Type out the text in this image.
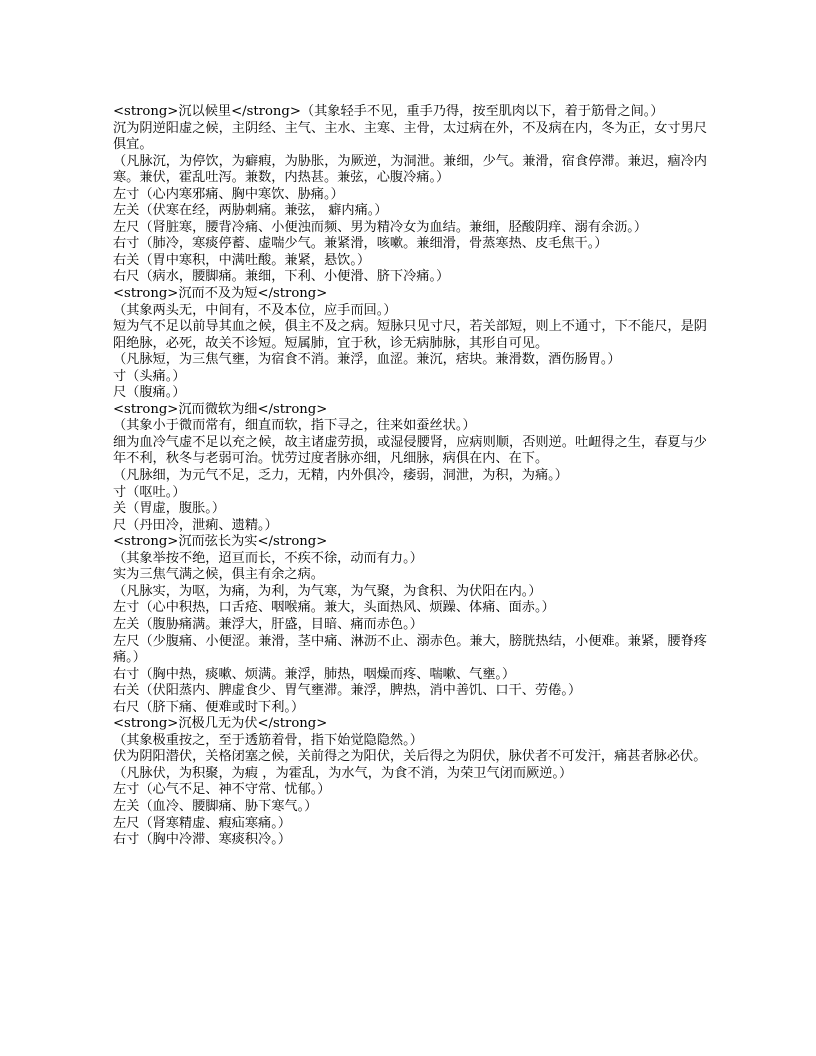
<strong>沉以候里</strong>（其象轻手不见，重手乃得，按至肌肉以下，着于筋骨之间。）
沉为阴逆阳虚之候，主阴经、主气、主水、主寒、主骨，太过病在外，不及病在内，冬为正，女寸男尺俱宜。
（凡脉沉，为停饮，为癖瘕，为胁胀，为厥逆，为洞泄。兼细，少气。兼滑，宿食停滞。兼迟，痼冷内寒。兼伏，霍乱吐泻。兼数，内热甚。兼弦，心腹冷痛。）
左寸（心内寒邪痛、胸中寒饮、胁痛。）
左关（伏寒在经，两胁刺痛。兼弦， 癖内痛。）
左尺（肾脏寒，腰背冷痛、小便浊而频、男为精冷女为血结。兼细，胫酸阴痒、溺有余沥。）
右寸（肺冷，寒痰停蓄、虚喘少气。兼紧滑，咳嗽。兼细滑，骨蒸寒热、皮毛焦干。）
右关（胃中寒积，中满吐酸。兼紧，悬饮。）
右尺（病水，腰脚痛。兼细，下利、小便滑、脐下冷痛。）
<strong>沉而不及为短</strong>
（其象两头无，中间有，不及本位，应手而回。）
短为气不足以前导其血之候，俱主不及之病。短脉只见寸尺，若关部短，则上不通寸，下不能尺，是阴阳绝脉，必死，故关不诊短。短属肺，宜于秋，诊无病肺脉，其形自可见。
（凡脉短，为三焦气壅，为宿食不消。兼浮，血涩。兼沉，痞块。兼滑数，酒伤肠胃。）
寸（头痛。）
尺（腹痛。）
<strong>沉而微软为细</strong>
（其象小于微而常有，细直而软，指下寻之，往来如蚕丝状。）
细为血冷气虚不足以充之候，故主诸虚劳损，或湿侵腰肾，应病则顺，否则逆。吐衄得之生，春夏与少年不利，秋冬与老弱可治。忧劳过度者脉亦细，凡细脉，病俱在内、在下。
（凡脉细，为元气不足，乏力，无精，内外俱冷，痿弱，洞泄，为积，为痛。）
寸（呕吐。）
关（胃虚，腹胀。）
尺（丹田冷，泄痢、遗精。）
<strong>沉而弦长为实</strong>
（其象举按不绝，迢亘而长，不疾不徐，动而有力。）
实为三焦气满之候，俱主有余之病。
（凡脉实，为呕，为痛，为利，为气寒，为气聚，为食积、为伏阳在内。）
左寸（心中积热，口舌疮、咽喉痛。兼大，头面热风、烦躁、体痛、面赤。）
左关（腹胁痛满。兼浮大，肝盛，目暗、痛而赤色。）
左尺（少腹痛、小便涩。兼滑，茎中痛、淋沥不止、溺赤色。兼大，膀胱热结，小便难。兼紧，腰脊疼痛。）
右寸（胸中热，痰嗽、烦满。兼浮，肺热，咽燥而疼、喘嗽、气壅。）
右关（伏阳蒸内、脾虚食少、胃气壅滞。兼浮，脾热，消中善饥、口干、劳倦。）
右尺（脐下痛、便难或时下利。）
<strong>沉极几无为伏</strong>
（其象极重按之，至于透筋着骨，指下始觉隐隐然。）
伏为阴阳潜伏，关格闭塞之候，关前得之为阳伏，关后得之为阴伏，脉伏者不可发汗，痛甚者脉必伏。
（凡脉伏，为积聚，为瘕 ，为霍乱，为水气，为食不消，为荣卫气闭而厥逆。）
左寸（心气不足、神不守常、忧郁。）
左关（血冷、腰脚痛、胁下寒气。）
左尺（肾寒精虚、瘕疝寒痛。）
右寸（胸中冷滞、寒痰积冷。）
